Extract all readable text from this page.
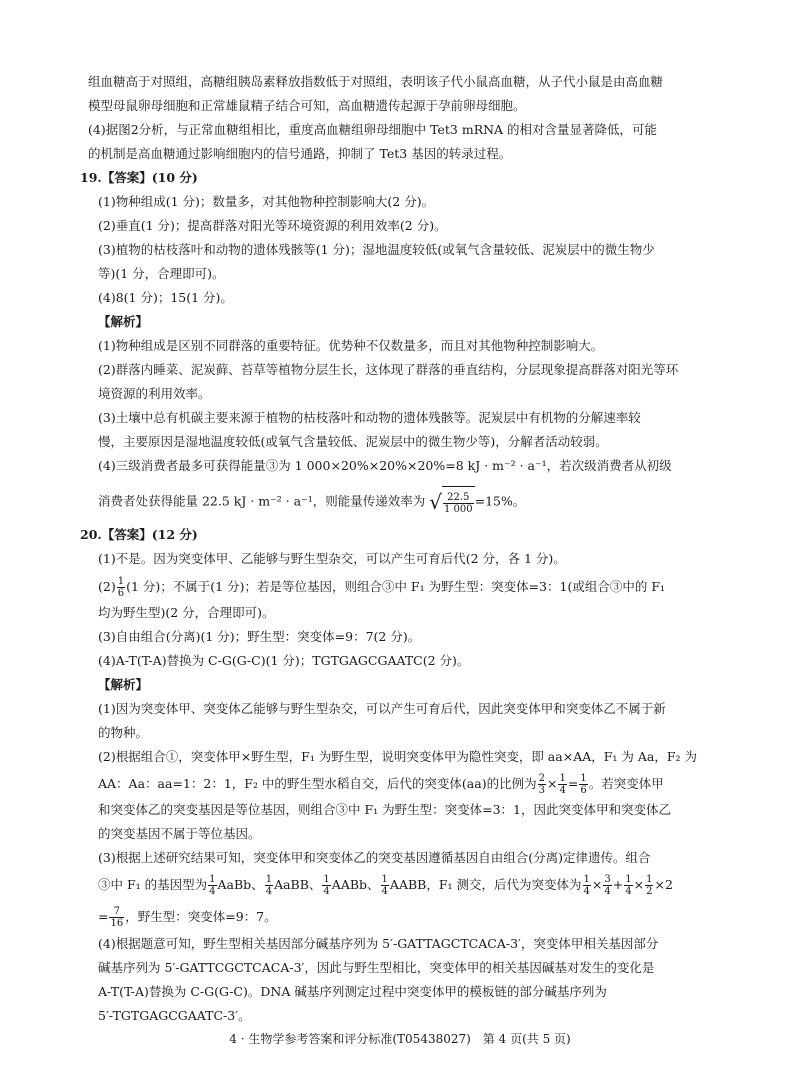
组血糖高于对照组，高糖组胰岛素释放指数低于对照组，表明该子代小鼠高血糖，从子代小鼠是由高血糖
模型母鼠卵母细胞和正常雄鼠精子结合可知，高血糖遗传起源于孕前卵母细胞。
(4)据图2分析，与正常血糖组相比，重度高血糖组卵母细胞中 Tet3 mRNA 的相对含量显著降低，可能
的机制是高血糖通过影响细胞内的信号通路，抑制了 Tet3 基因的转录过程。
19.【答案】(10 分)
(1)物种组成(1 分)；数量多，对其他物种控制影响大(2 分)。
(2)垂直(1 分)；提高群落对阳光等环境资源的利用效率(2 分)。
(3)植物的枯枝落叶和动物的遗体残骸等(1 分)；湿地温度较低(或氧气含量较低、泥炭层中的微生物少
等)(1 分，合理即可)。
(4)8(1 分)；15(1 分)。
【解析】
(1)物种组成是区别不同群落的重要特征。优势种不仅数量多，而且对其他物种控制影响大。
(2)群落内睡菜、泥炭藓、苔草等植物分层生长，这体现了群落的垂直结构，分层现象提高群落对阳光等环
境资源的利用效率。
(3)土壤中总有机碳主要来源于植物的枯枝落叶和动物的遗体残骸等。泥炭层中有机物的分解速率较
慢，主要原因是湿地温度较低(或氧气含量较低、泥炭层中的微生物少等)，分解者活动较弱。
(4)三级消费者最多可获得能量③为 1 000×20%×20%×20%=8 kJ · m⁻² · a⁻¹，若次级消费者从初级
消费者处获得能量 22.5 kJ · m⁻² · a⁻¹，则能量传递效率为 √ $\frac{22.5}{1 000} =15\%$。
20.【答案】(12 分)
(1)不是。因为突变体甲、乙能够与野生型杂交，可以产生可育后代(2 分，各 1 分)。
$(2) \frac{1}{6} (1$ 分)；不属于(1 分)；若是等位基因，则组合③中 F₁ 为野生型：突变体=3：1(或组合③中的 F₁
均为野生型)(2 分，合理即可)。
(3)自由组合(分离)(1 分)；野生型：突变体=9：7(2 分)。
(4)A-T(T-A)替换为 C-G(G-C)(1 分)；TGTGAGCGAATC(2 分)。
【解析】
(1)因为突变体甲、突变体乙能够与野生型杂交，可以产生可育后代，因此突变体甲和突变体乙不属于新
的物种。
(2)根据组合①，突变体甲×野生型，F₁ 为野生型，说明突变体甲为隐性突变，即 aa×AA，F₁ 为 Aa，F₂ 为
AA：Aa：aa=1：2：1，F₂ 中的野生型水稻自交，后代的突变体(aa)的比例为 $\frac{2}{3} \times \frac{1}{4} = \frac{1}{6}$ 。若突变体甲
和突变体乙的突变基因是等位基因，则组合③中 F₁ 为野生型：突变体=3：1，因此突变体甲和突变体乙
的突变基因不属于等位基因。
(3)根据上述研究结果可知，突变体甲和突变体乙的突变基因遵循基因自由组合(分离)定律遗传。组合
③中 F₁ 的基因型为 $\frac{1}{4}$ AaBb、 $\frac{1}{4}$ AaBB、 $\frac{1}{4}$ AABb、 $\frac{1}{4}$ AABB，F₁ 测交，后代为突变体为 $\frac{1}{4} \times \frac{3}{4} + \frac{1}{4} \times \frac{1}{2} \times 2$
= $\frac{7}{16}$ ，野生型：突变体=9：7。
(4)根据题意可知，野生型相关基因部分碱基序列为 5′-GATTAGCTCACA-3′，突变体甲相关基因部分
碱基序列为 5′-GATTCGCTCACA-3′，因此与野生型相比，突变体甲的相关基因碱基对发生的变化是
A-T(T-A)替换为 C-G(G-C)。DNA 碱基序列测定过程中突变体甲的模板链的部分碱基序列为
4 · 生物学参考答案和评分标准(T05438027)　第 4 页(共 5 页)
5′-TGTGAGCGAATC-3′。
